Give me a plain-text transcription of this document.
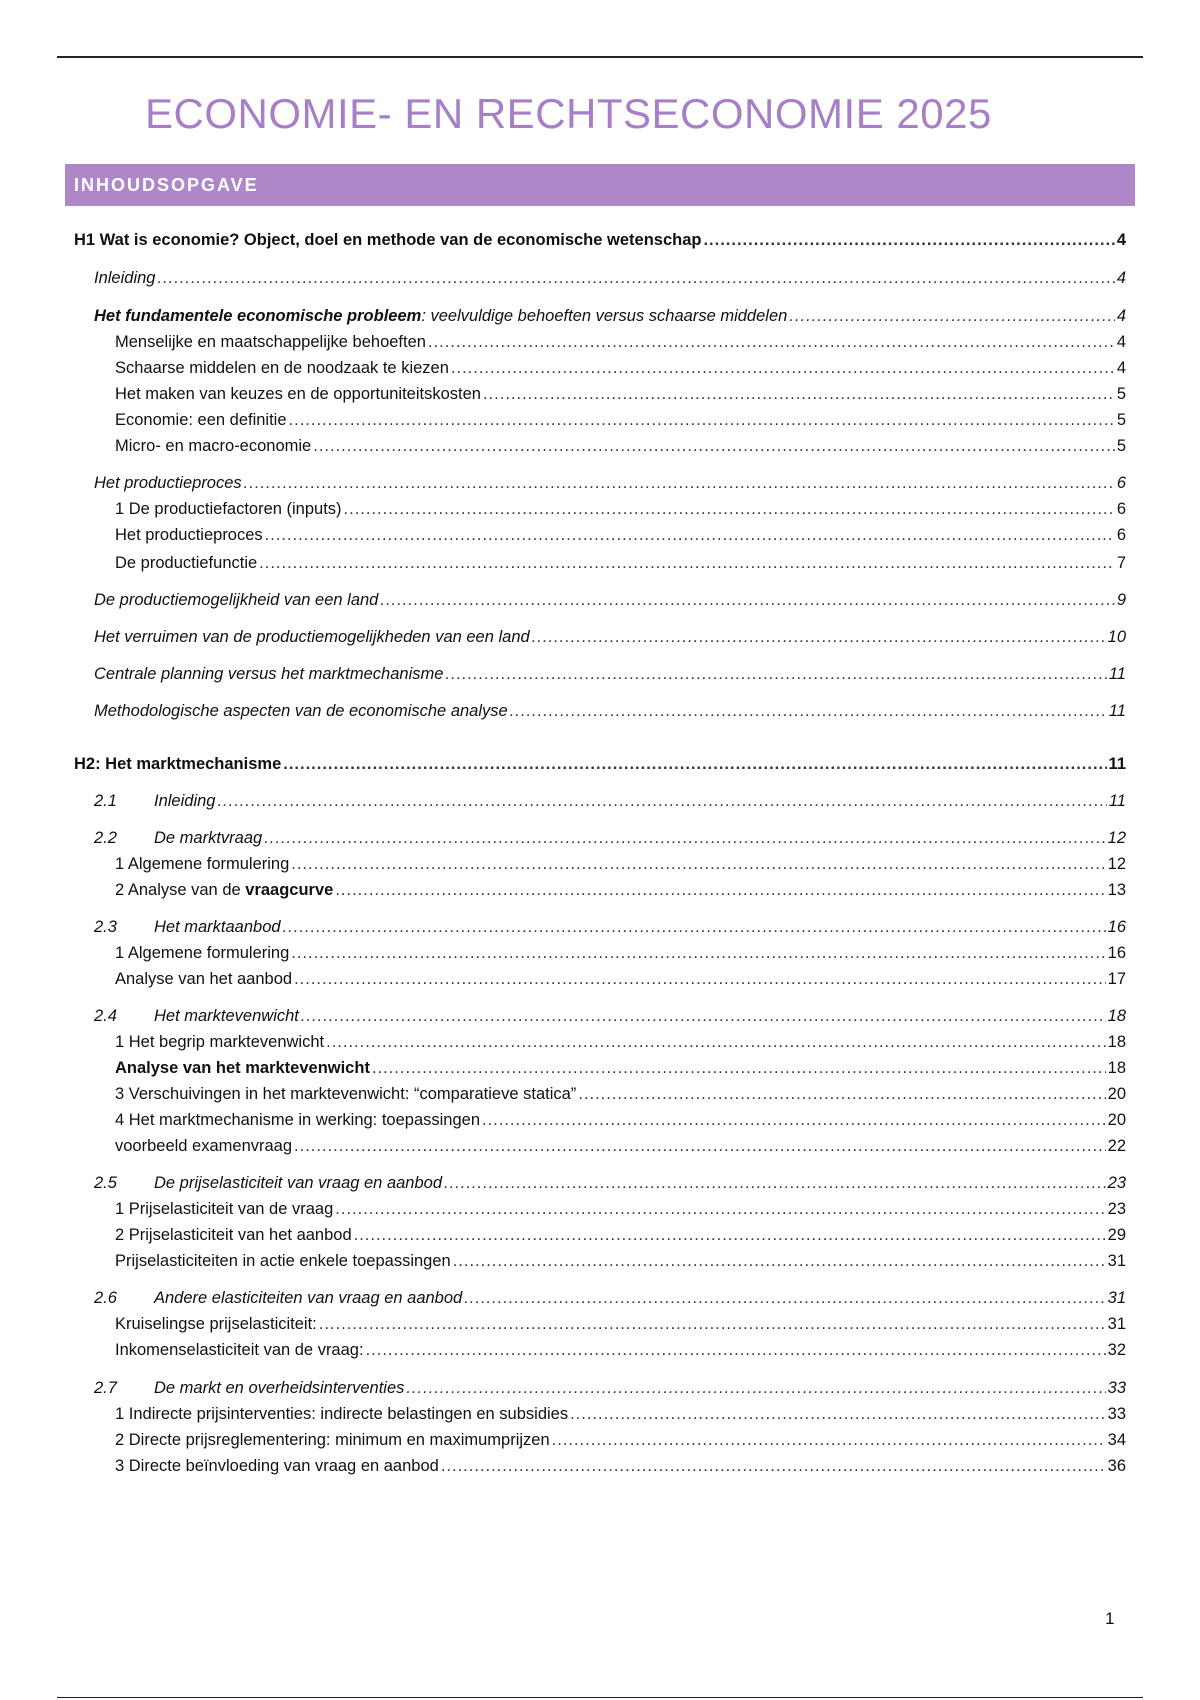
ECONOMIE- EN RECHTSECONOMIE 2025
INHOUDSOPGAVE
H1 Wat is economie? Object, doel en methode van de economische wetenschap .....	4
Inleiding .....	4
Het fundamentele economische probleem: veelvuldige behoeften versus schaarse middelen .....	4
Menselijke en maatschappelijke behoeften .....	4
Schaarse middelen en de noodzaak te kiezen .....	4
Het maken van keuzes en de opportuniteitskosten .....	5
Economie: een definitie .....	5
Micro- en macro-economie .....	5
Het productieproces .....	6
1 De productiefactoren (inputs) .....	6
Het productieproces .....	6
De productiefunctie .....	7
De productiemogelijkheid van een land .....	9
Het verruimen van de productiemogelijkheden van een land .....	10
Centrale planning versus het marktmechanisme .....	11
Methodologische aspecten van de economische analyse .....	11
H2: Het marktmechanisme .....	11
2.1 Inleiding .....	11
2.2 De marktvraag .....	12
1 Algemene formulering .....	12
2 Analyse van de vraagcurve .....	13
2.3 Het marktaanbod .....	16
1 Algemene formulering .....	16
Analyse van het aanbod .....	17
2.4 Het marktevenwicht .....	18
1 Het begrip marktevenwicht .....	18
Analyse van het marktevenwicht .....	18
3 Verschuivingen in het marktevenwicht: “comparatieve statica” .....	20
4 Het marktmechanisme in werking: toepassingen .....	20
voorbeeld examenvraag .....	22
2.5 De prijselasticiteit van vraag en aanbod .....	23
1 Prijselasticiteit van de vraag .....	23
2 Prijselasticiteit van het aanbod .....	29
Prijselasticiteiten in actie enkele toepassingen .....	31
2.6 Andere elasticiteiten van vraag en aanbod .....	31
Kruiselingse prijselasticiteit: .....	31
Inkomenselasticiteit van de vraag: .....	32
2.7 De markt en overheidsinterventies .....	33
1 Indirecte prijsinterventies: indirecte belastingen en subsidies .....	33
2 Directe prijsreglementering: minimum en maximumprijzen .....	34
3 Directe beïnvloeding van vraag en aanbod .....	36
1
